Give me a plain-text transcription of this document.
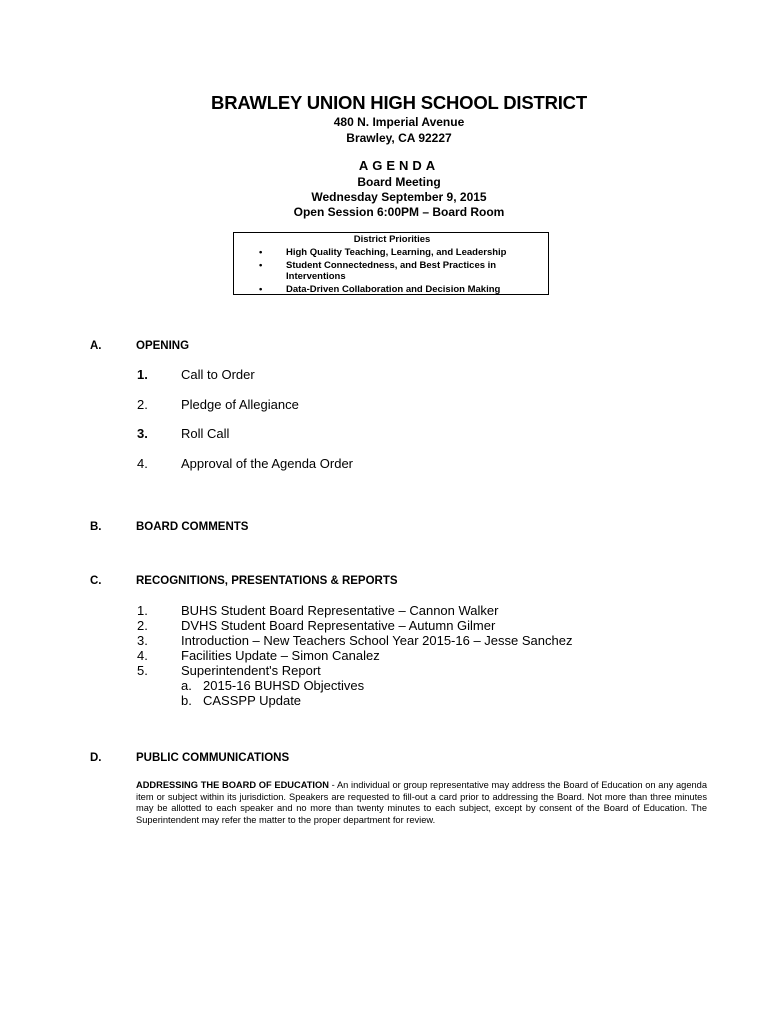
BRAWLEY UNION HIGH SCHOOL DISTRICT
480 N. Imperial Avenue
Brawley, CA 92227
AGENDA
Board Meeting
Wednesday September 9, 2015
Open Session 6:00PM – Board Room
District Priorities
• High Quality Teaching, Learning, and Leadership
• Student Connectedness, and Best Practices in Interventions
• Data-Driven Collaboration and Decision Making
A.	OPENING
1.	Call to Order
2.	Pledge of Allegiance
3.	Roll Call
4.	Approval of the Agenda Order
B.	BOARD COMMENTS
C.	RECOGNITIONS, PRESENTATIONS & REPORTS
1.	BUHS Student Board Representative – Cannon Walker
2.	DVHS Student Board Representative – Autumn Gilmer
3.	Introduction – New Teachers School Year 2015-16 – Jesse Sanchez
4.	Facilities Update – Simon Canalez
5.	Superintendent's Report
a. 2015-16 BUHSD Objectives
b. CASSPP Update
D.	PUBLIC COMMUNICATIONS
ADDRESSING THE BOARD OF EDUCATION - An individual or group representative may address the Board of Education on any agenda item or subject within its jurisdiction. Speakers are requested to fill-out a card prior to addressing the Board. Not more than three minutes may be allotted to each speaker and no more than twenty minutes to each subject, except by consent of the Board of Education. The Superintendent may refer the matter to the proper department for review.
